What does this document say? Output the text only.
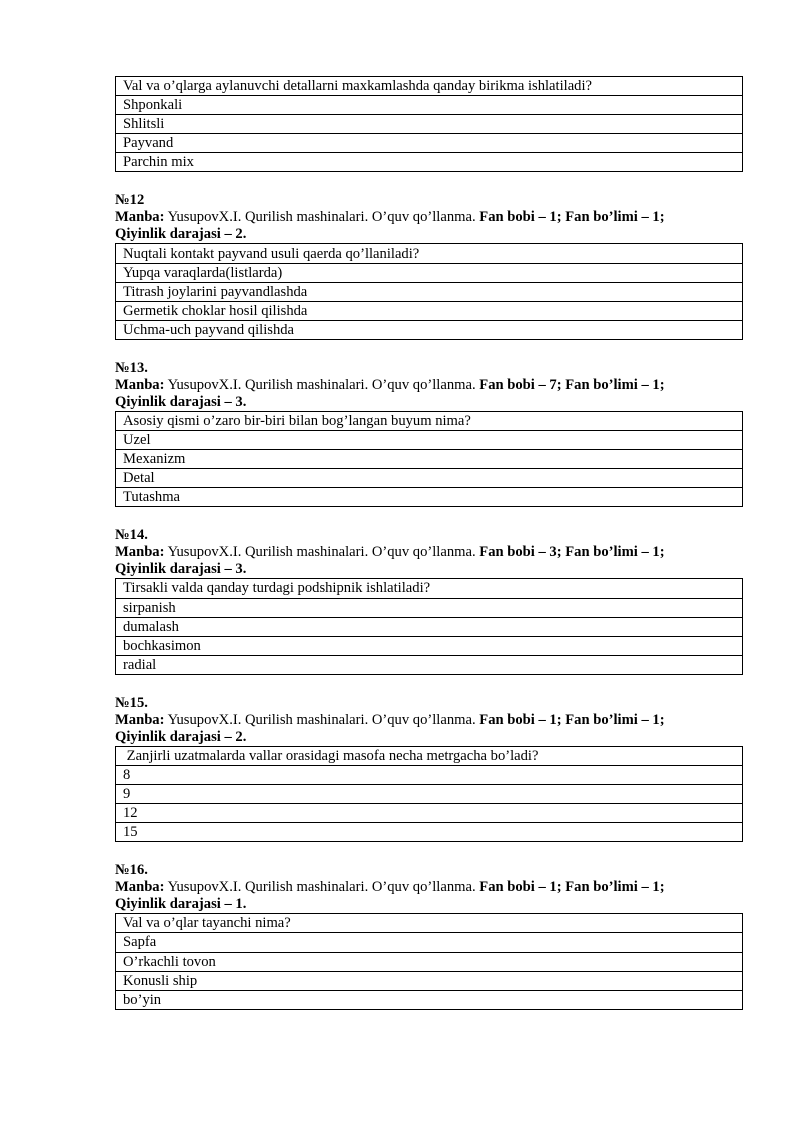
Val va o’qlarga aylanuvchi detallarni maxkamlashda qanday birikma ishlatiladi?
Shponkali
Shlitsli
Payvand
Parchin mix
№12
Manba: YusupovX.I. Qurilish mashinalari. O’quv qo’llanma. Fan bobi – 1; Fan bo’limi – 1;
Qiyinlik darajasi – 2.
Nuqtali kontakt payvand usuli qaerda qo’llaniladi?
Yupqa varaqlarda(listlarda)
Titrash joylarini payvandlashda
Germetik choklar hosil qilishda
Uchma-uch payvand qilishda
№13.
Manba: YusupovX.I. Qurilish mashinalari. O’quv qo’llanma. Fan bobi – 7; Fan bo’limi – 1;
Qiyinlik darajasi – 3.
Asosiy qismi o’zaro bir-biri bilan bog’langan buyum nima?
Uzel
Mexanizm
Detal
Tutashma
№14.
Manba: YusupovX.I. Qurilish mashinalari. O’quv qo’llanma. Fan bobi – 3; Fan bo’limi – 1;
Qiyinlik darajasi – 3.
Tirsakli valda qanday turdagi podshipnik ishlatiladi?
sirpanish
dumalash
bochkasimon
radial
№15.
Manba: YusupovX.I. Qurilish mashinalari. O’quv qo’llanma. Fan bobi – 1; Fan bo’limi – 1;
Qiyinlik darajasi – 2.
Zanjirli uzatmalarda vallar orasidagi masofa necha metrgacha bo’ladi?
8
9
12
15
№16.
Manba: YusupovX.I. Qurilish mashinalari. O’quv qo’llanma. Fan bobi – 1; Fan bo’limi – 1;
Qiyinlik darajasi – 1.
Val va o’qlar tayanchi nima?
Sapfa
O’rkachli tovon
Konusli ship
bo’yin
